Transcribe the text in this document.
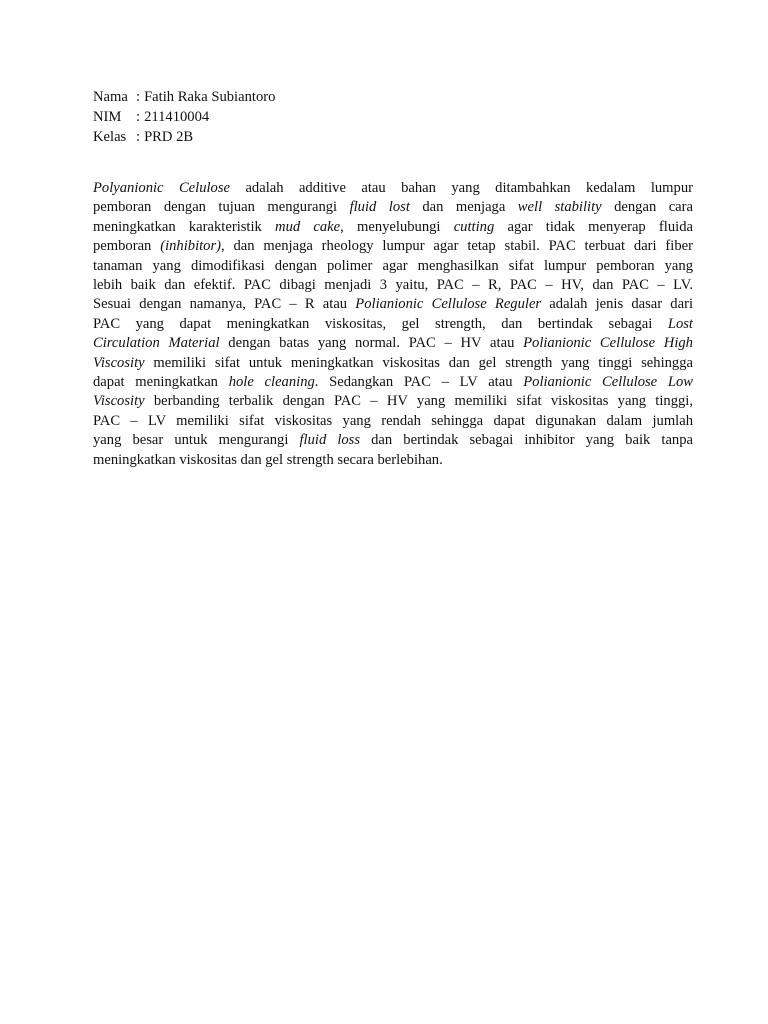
Nama : Fatih Raka Subiantoro
NIM	: 211410004
Kelas : PRD 2B
Polyanionic Celulose adalah additive atau bahan yang ditambahkan kedalam lumpur
pemboran dengan tujuan mengurangi fluid lost dan menjaga well stability dengan cara
meningkatkan karakteristik mud cake, menyelubungi cutting agar tidak menyerap fluida
pemboran (inhibitor), dan menjaga rheology lumpur agar tetap stabil. PAC terbuat dari fiber
tanaman yang dimodifikasi dengan polimer agar menghasilkan sifat lumpur pemboran yang
lebih baik dan efektif. PAC dibagi menjadi 3 yaitu, PAC – R, PAC – HV, dan PAC – LV.
Sesuai dengan namanya, PAC – R atau Polianionic Cellulose Reguler adalah jenis dasar dari
PAC yang dapat meningkatkan viskositas, gel strength, dan bertindak sebagai Lost
Circulation Material dengan batas yang normal. PAC – HV atau Polianionic Cellulose High
Viscosity memiliki sifat untuk meningkatkan viskositas dan gel strength yang tinggi sehingga
dapat meningkatkan hole cleaning. Sedangkan PAC – LV atau Polianionic Cellulose Low
Viscosity berbanding terbalik dengan PAC – HV yang memiliki sifat viskositas yang tinggi,
PAC – LV memiliki sifat viskositas yang rendah sehingga dapat digunakan dalam jumlah
yang besar untuk mengurangi fluid loss dan bertindak sebagai inhibitor yang baik tanpa
meningkatkan viskositas dan gel strength secara berlebihan.
